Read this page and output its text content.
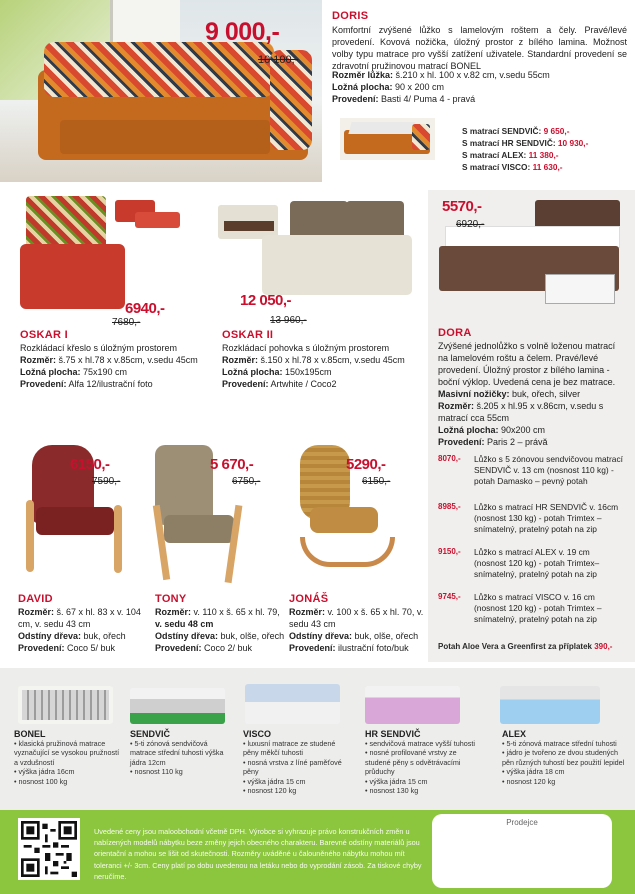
9 000,-
10 100,-
DORIS
Komfortní zvýšené lůžko s lamelovým roštem a čely. Pravé/levé provedení. Kovová nožička, úložný prostor z bílého lamina. Možnost volby typu matrace pro vyšší zatížení uživatele. Standardní provedení se zdravotní pružinovou matrací BONEL
Rozměr lůžka: š.210 x hl. 100 x v.82 cm, v.sedu 55cm
Ložná plocha: 90 x 200 cm
Provedení: Basti 4/ Puma 4 - pravá
S matrací SENDVIČ: 9 650,-
S matrací HR SENDVIČ: 10 930,-
S matrací ALEX: 11 380,-
S matrací VISCO: 11 630,-
6940,-
7680,-
OSKAR I
Rozkládací křeslo s úložným prostorem
Rozměr: š.75 x hl.78 x v.85cm, v.sedu 45cm
Ložná plocha: 75x190 cm
Provedení: Alfa 12/ilustrační foto
12 050,-
13 960,-
OSKAR II
Rozkládací pohovka s úložným prostorem
Rozměr: š.150 x hl.78 x v.85cm, v.sedu 45cm
Ložná plocha: 150x195cm
Provedení: Artwhite / Coco2
5570,-
6920,-
DORA
Zvýšené jednolůžko s volně loženou matrací na lamelovém roštu a čelem. Pravé/levé provedení. Úložný prostor z bílého lamina - boční výklop. Uvedená cena je bez matrace.
Masivní nožičky: buk, ořech, silver
Rozměr: š.205 x hl.95 x v.86cm, v.sedu s matrací cca 55cm
Ložná plocha: 90x200 cm
Provedení: Paris 2 – právă
8070,- Lůžko s 5 zónovou sendvičovou matrací SENDVIČ v. 13 cm (nosnost 110 kg) - potah Damasko – pevný potah
8985,- Lůžko s matrací HR SENDVIČ v. 16cm (nosnost 130 kg) - potah Trimtex – snímatelný, pratelný potah na zip
9150,- Lůžko s matrací ALEX v. 19 cm (nosnost 120 kg) - potah Trimtex– snímatelný, pratelný potah na zip
9745,- Lůžko s matrací VISCO v. 16 cm (nosnost 120 kg) - potah Trimtex – snímatelný, pratelný potah na zip
Potah Aloe Vera a Greenfirst za příplatek 390,-
6150,-
7590,-
DAVID
Rozměr: š. 67 x hl. 83 x v. 104 cm, v. sedu 43 cm
Odstíny dřeva: buk, ořech
Provedení: Coco 5/ buk
5 670,-
6750,-
TONY
Rozměr: v. 110 x š. 65 x hl. 79,
v. sedu 48 cm
Odstíny dřeva: buk, olše, ořech
Provedení: Coco 2/ buk
5290,-
6150,-
JONÁŠ
Rozměr: v. 100 x š. 65 x hl. 70, v. sedu 43 cm
Odstíny dřeva: buk, olše, ořech
Provedení: ilustrační foto/buk
BONEL
• klasická pružinová matrace vyznačující se vysokou pružností a vzdušností
• výška jádra 16cm
• nosnost 100 kg
SENDVIČ
• 5-ti zónová sendvičová matrace střední tuhosti výška jádra 12cm
• nosnost 110 kg
VISCO
• luxusní matrace ze studené pěny měkčí tuhosti
• nosná vrstva z líné paměťové pěny
• výška jádra 15 cm
• nosnost 120 kg
HR SENDVIČ
• sendvičová matrace vyšší tuhosti
• nosné profilované vrstvy ze studené pěny s odvětrávacími průduchy
• výška jádra 15 cm
• nosnost 130 kg
ALEX
• 5-ti zónová matrace střední tuhosti
• jádro je tvořeno ze dvou studených pěn různých tuhostí bez použití lepidel
• výška jádra 18 cm
• nosnost 120 kg
Uvedené ceny jsou maloobchodní včetně DPH. Výrobce si vyhrazuje právo konstrukčních změn u nabízených modelů nábytku beze změny jejich obecného charakteru. Barevné odstíny materiálů jsou orientační a mohou se lišit od skutečnosti. Rozměry uváděné u čalouněného nábytku mohou mít toleranci +/- 3cm. Ceny platí po dobu uvedenou na letáku nebo do vyprodání zásob. Za tiskové chyby neručíme.
Prodejce
